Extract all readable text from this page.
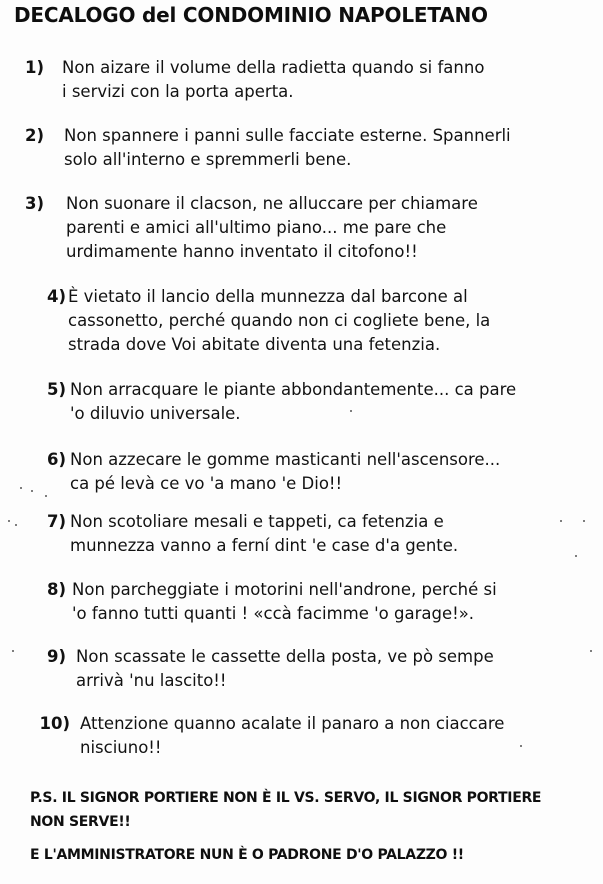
DECALOGO del CONDOMINIO NAPOLETANO
1) Non aizare il volume della radietta quando si fanno
i servizi con la porta aperta.
2) Non spannere i panni sulle facciate esterne. Spannerli
solo all'interno e spremmerli bene.
3) Non suonare il clacson, ne alluccare per chiamare
parenti e amici all'ultimo piano... me pare che
urdimamente hanno inventato il citofono!!
4) È vietato il lancio della munnezza dal barcone al
cassonetto, perché quando non ci cogliete bene, la
strada dove Voi abitate diventa una fetenzia.
5) Non arracquare le piante abbondantemente... ca pare
'o diluvio universale.
6) Non azzecare le gomme masticanti nell'ascensore...
ca pé levà ce vo 'a mano 'e Dio!!
7) Non scotoliare mesali e tappeti, ca fetenzia e
munnezza vanno a ferní dint 'e case d'a gente.
8) Non parcheggiate i motorini nell'androne, perché si
'o fanno tutti quanti ! «ccà facimme 'o garage!».
9) Non scassate le cassette della posta, ve pò sempe
arrivà 'nu lascito!!
10) Attenzione quanno acalate il panaro a non ciaccare
nisciuno!!
P.S. IL SIGNOR PORTIERE NON È IL VS. SERVO, IL SIGNOR PORTIERE
NON SERVE!!
E L'AMMINISTRATORE NUN È O PADRONE D'O PALAZZO !!
